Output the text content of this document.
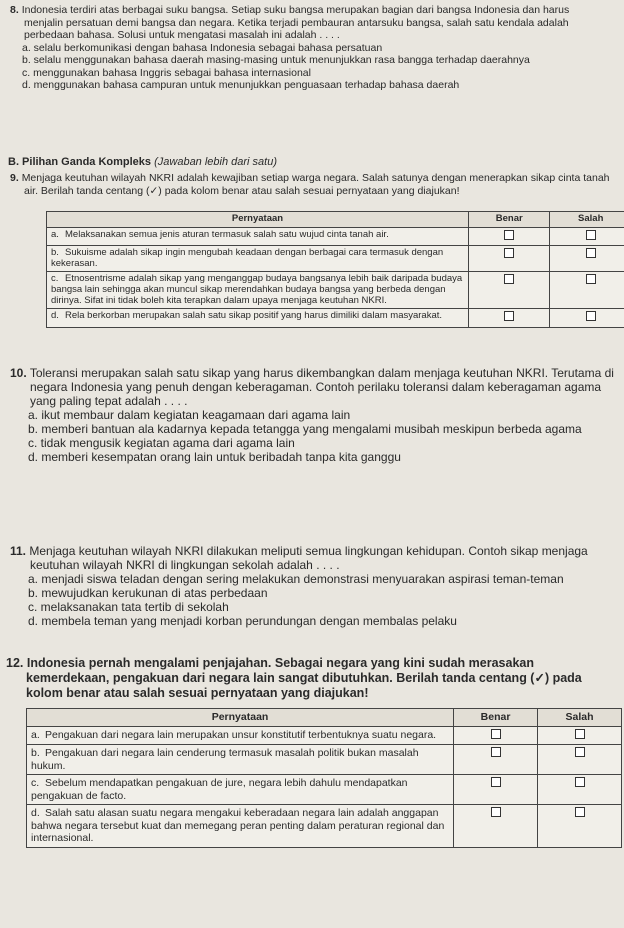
8. Indonesia terdiri atas berbagai suku bangsa. Setiap suku bangsa merupakan bagian dari bangsa Indonesia dan harus menjalin persatuan demi bangsa dan negara. Ketika terjadi pembauran antarsuku bangsa, salah satu kendala adalah perbedaan bahasa. Solusi untuk mengatasi masalah ini adalah . . . .
a. selalu berkomunikasi dengan bahasa Indonesia sebagai bahasa persatuan
b. selalu menggunakan bahasa daerah masing-masing untuk menunjukkan rasa bangga terhadap daerahnya
c. menggunakan bahasa Inggris sebagai bahasa internasional
d. menggunakan bahasa campuran untuk menunjukkan penguasaan terhadap bahasa daerah
B. Pilihan Ganda Kompleks (Jawaban lebih dari satu)
9. Menjaga keutuhan wilayah NKRI adalah kewajiban setiap warga negara. Salah satunya dengan menerapkan sikap cinta tanah air. Berilah tanda centang (✓) pada kolom benar atau salah sesuai pernyataan yang diajukan!
Pernyataan	Benar	Salah
a. Melaksanakan semua jenis aturan termasuk salah satu wujud cinta tanah air.		
b. Sukuisme adalah sikap ingin mengubah keadaan dengan berbagai cara termasuk dengan kekerasan.		
c. Etnosentrisme adalah sikap yang menganggap budaya bangsanya lebih baik daripada budaya bangsa lain sehingga akan muncul sikap merendahkan budaya bangsa yang berbeda dengan dirinya. Sifat ini tidak boleh kita terapkan dalam upaya menjaga keutuhan NKRI.		
d. Rela berkorban merupakan salah satu sikap positif yang harus dimiliki dalam masyarakat.		
10. Toleransi merupakan salah satu sikap yang harus dikembangkan dalam menjaga keutuhan NKRI. Terutama di negara Indonesia yang penuh dengan keberagaman. Contoh perilaku toleransi dalam keberagaman agama yang paling tepat adalah . . . .
a. ikut membaur dalam kegiatan keagamaan dari agama lain
b. memberi bantuan ala kadarnya kepada tetangga yang mengalami musibah meskipun berbeda agama
c. tidak mengusik kegiatan agama dari agama lain
d. memberi kesempatan orang lain untuk beribadah tanpa kita ganggu
11. Menjaga keutuhan wilayah NKRI dilakukan meliputi semua lingkungan kehidupan. Contoh sikap menjaga keutuhan wilayah NKRI di lingkungan sekolah adalah . . . .
a. menjadi siswa teladan dengan sering melakukan demonstrasi menyuarakan aspirasi teman-teman
b. mewujudkan kerukunan di atas perbedaan
c. melaksanakan tata tertib di sekolah
d. membela teman yang menjadi korban perundungan dengan membalas pelaku
12. Indonesia pernah mengalami penjajahan. Sebagai negara yang kini sudah merasakan kemerdekaan, pengakuan dari negara lain sangat dibutuhkan. Berilah tanda centang (✓) pada kolom benar atau salah sesuai pernyataan yang diajukan!
Pernyataan	Benar	Salah
a. Pengakuan dari negara lain merupakan unsur konstitutif terbentuknya suatu negara.		
b. Pengakuan dari negara lain cenderung termasuk masalah politik bukan masalah hukum.		
c. Sebelum mendapatkan pengakuan de jure, negara lebih dahulu mendapatkan pengakuan de facto.		
d. Salah satu alasan suatu negara mengakui keberadaan negara lain adalah anggapan bahwa negara tersebut kuat dan memegang peran penting dalam peraturan regional dan internasional.		
